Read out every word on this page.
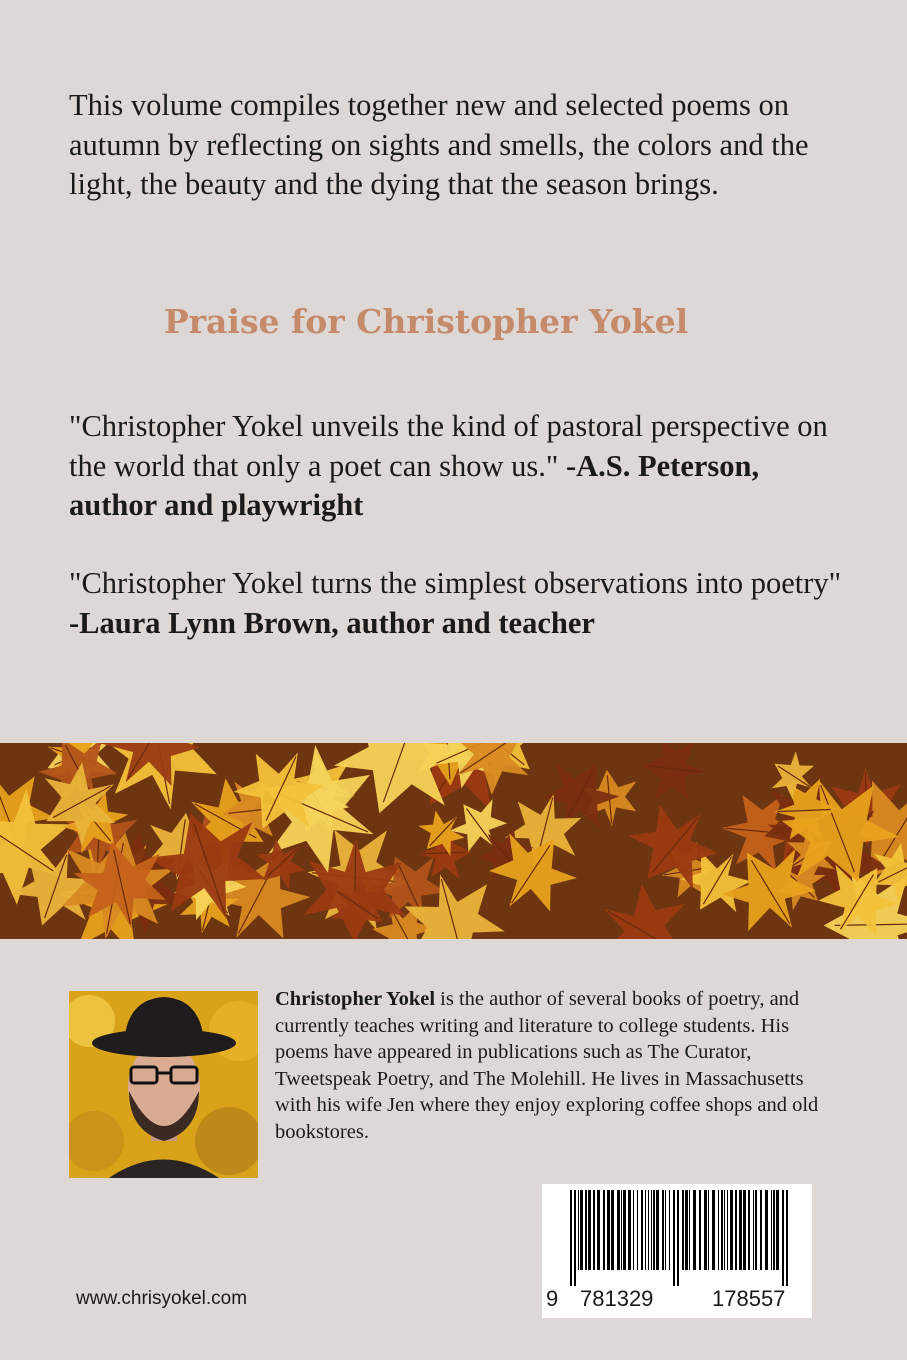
This volume compiles together new and selected poems on autumn by reflecting on sights and smells, the colors and the light, the beauty and the dying that the season brings.

Praise for Christopher Yokel

"Christopher Yokel unveils the kind of pastoral perspective on the world that only a poet can show us." -A.S. Peterson, author and playwright

"Christopher Yokel turns the simplest observations into poetry" -Laura Lynn Brown, author and teacher

Christopher Yokel is the author of several books of poetry, and currently teaches writing and literature to college students. His poems have appeared in publications such as The Curator, Tweetspeak Poetry, and The Molehill. He lives in Massachusetts with his wife Jen where they enjoy exploring coffee shops and old bookstores.

www.chrisyokel.com	9 781329	178557
